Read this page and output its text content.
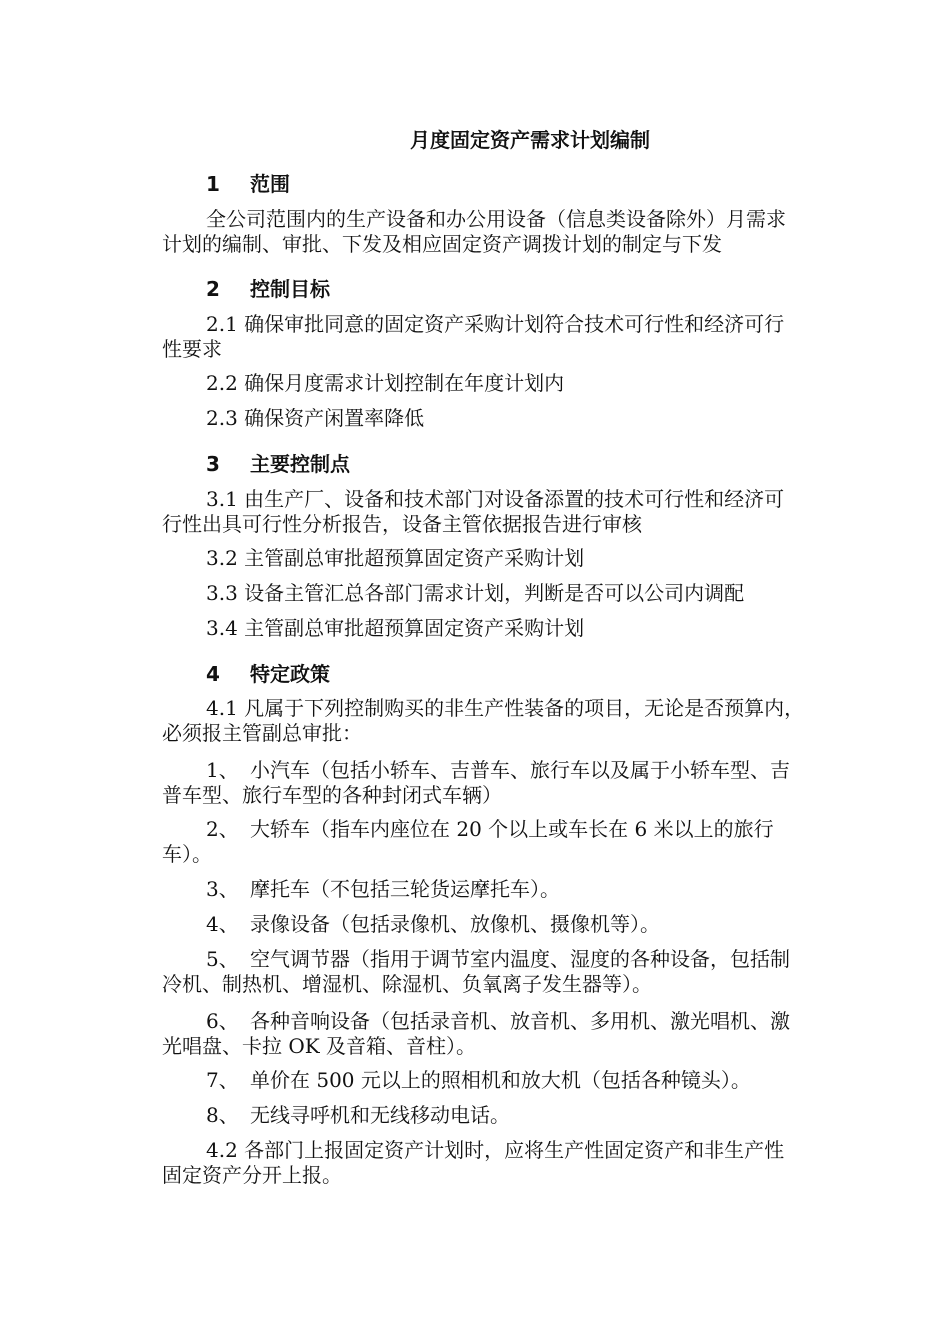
月度固定资产需求计划编制
1 范围
全公司范围内的生产设备和办公用设备（信息类设备除外）月需求
计划的编制、审批、下发及相应固定资产调拨计划的制定与下发
2 控制目标
2.1 确保审批同意的固定资产采购计划符合技术可行性和经济可行
性要求
2.2 确保月度需求计划控制在年度计划内
2.3 确保资产闲置率降低
3 主要控制点
3.1 由生产厂、设备和技术部门对设备添置的技术可行性和经济可
行性出具可行性分析报告，设备主管依据报告进行审核
3.2 主管副总审批超预算固定资产采购计划
3.3 设备主管汇总各部门需求计划，判断是否可以公司内调配
3.4 主管副总审批超预算固定资产采购计划
4 特定政策
4.1 凡属于下列控制购买的非生产性装备的项目，无论是否预算内，
必须报主管副总审批：
1、 小汽车（包括小轿车、吉普车、旅行车以及属于小轿车型、吉
普车型、旅行车型的各种封闭式车辆）
2、 大轿车（指车内座位在 20 个以上或车长在 6 米以上的旅行
车）。
3、 摩托车（不包括三轮货运摩托车）。
4、 录像设备（包括录像机、放像机、摄像机等）。
5、 空气调节器（指用于调节室内温度、湿度的各种设备，包括制
冷机、制热机、增湿机、除湿机、负氧离子发生器等）。
6、 各种音响设备（包括录音机、放音机、多用机、激光唱机、激
光唱盘、卡拉 OK 及音箱、音柱）。
7、 单价在 500 元以上的照相机和放大机（包括各种镜头）。
8、 无线寻呼机和无线移动电话。
4.2 各部门上报固定资产计划时，应将生产性固定资产和非生产性
固定资产分开上报。
